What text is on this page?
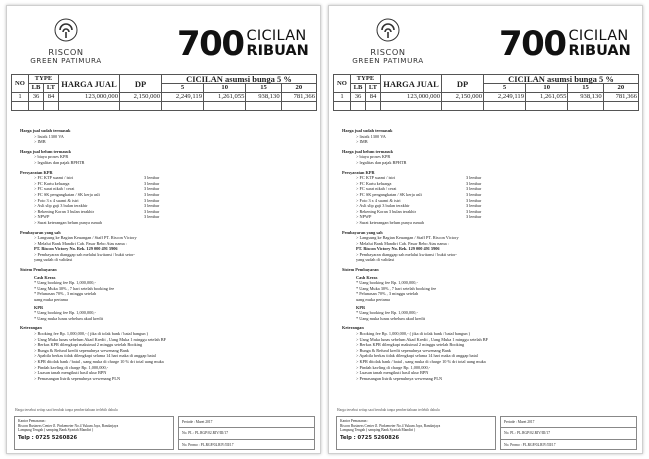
RISCON
GREEN PATIMURA 700 CICILAN
RIBUAN
NO	TYPE		HARGA JUAL	DP	CICILAN asumsi bunga 5 %			
	LB	LT			5	10	15	20
1	36	84	123,000,000	2,150,000	2,249,119	1,261,055	938,130	781,366

Harga jual sudah termasuk
> listrik 1300 VA
> IMB
Harga jual belum termasuk
> biaya proses KPR
> legalitas dan pajak BPHTB
Persyaratan KPR
> FC KTP suami / istri	3 lembar
> FC Kartu keluarga	3 lembar
> FC surat nikah / cerai	3 lembar
> FC SK pengangkatan / SK kerja asli	3 lembar
> Foto 3 x 4 suami & istri	3 lembar
> Asli slip gaji 3 bulan terakhir	3 lembar
> Rekening Koran 3 bulan terakhir	3 lembar
> NPWP	3 lembar
> Surat keterangan belum punya rumah
Pembayaran yang sah
> Langsung ke Bagian Keuangan / Staff PT. Riscon Victory
> Melalui Bank Mandiri Cab. Pasar Rebo Atas nama :
PT. Riscon Victory No. Rek. 129 000 491 5906
> Pembayaran dianggap sah melalui kwitansi / bukti setor-
yang sudah di validasi
Sistem Pembayaran
Cash Keras
* Uang booking fee Rp. 1,000,000,-
* Uang Muka 30% , 7 hari setelah booking fee
* Pelunasan 70% , 3 minggu setelah
uang muka pertama
KPR
* Uang booking fee Rp. 1,000,000,-
* Uang muka lunas sebelum akad kredit
Keterangan
> Booking fee Rp. 1,000,000,- ( jika di tolak bank / batal bangun )
> Uang Muka lunas sebelum Akad Kredit , Uang Muka 1 minggu setelah BF
> Berkas KPR dilengkapi maksimal 2 minggu setelah Booking
> Bunga & Refund kredit sepenuhnya wewenang Bank
> Apabila berkas tidak dilengkapi selama 14 hari maka di anggap batal
> KPR ditolak bank / batal , uang muka di charge 10 % dri total uang muka
> Pindah kavling di charge Rp. 1,000,000,-
> Luasan tanah mengikuti hasil ukur BPN
> Pemasangan listrik sepenuhnya wewenang PLN
Harga tersebut setiap saat berubah tanpa pemberitahuan terlebih dahulu
Kantor Pemasaran :
Riscon Business Center Jl. Pinkemeter No.4 Yukum Jaya, Bandarjaya
Lampung Tengah ( samping Bank Syariah Mandiri )
Telp : 0725 5260826
Periode : Maret 2017
No. PL : PL.RGP/02.RIV/III/17
No. Promo : PL.RGP/02.RIV/III/17
RISCON
GREEN PATIMURA 700 CICILAN
RIBUAN
NO	TYPE		HARGA JUAL	DP	CICILAN asumsi bunga 5 %			
	LB	LT			5	10	15	20
1	36	84	123,000,000	2,150,000	2,249,119	1,261,055	938,130	781,366

Harga jual sudah termasuk
> listrik 1300 VA
> IMB
Harga jual belum termasuk
> biaya proses KPR
> legalitas dan pajak BPHTB
Persyaratan KPR
> FC KTP suami / istri	3 lembar
> FC Kartu keluarga	3 lembar
> FC surat nikah / cerai	3 lembar
> FC SK pengangkatan / SK kerja asli	3 lembar
> Foto 3 x 4 suami & istri	3 lembar
> Asli slip gaji 3 bulan terakhir	3 lembar
> Rekening Koran 3 bulan terakhir	3 lembar
> NPWP	3 lembar
> Surat keterangan belum punya rumah
Pembayaran yang sah
> Langsung ke Bagian Keuangan / Staff PT. Riscon Victory
> Melalui Bank Mandiri Cab. Pasar Rebo Atas nama :
PT. Riscon Victory No. Rek. 129 000 491 5906
> Pembayaran dianggap sah melalui kwitansi / bukti setor-
yang sudah di validasi
Sistem Pembayaran
Cash Keras
* Uang booking fee Rp. 1,000,000,-
* Uang Muka 30% , 7 hari setelah booking fee
* Pelunasan 70% , 3 minggu setelah
uang muka pertama
KPR
* Uang booking fee Rp. 1,000,000,-
* Uang muka lunas sebelum akad kredit
Keterangan
> Booking fee Rp. 1,000,000,- ( jika di tolak bank / batal bangun )
> Uang Muka lunas sebelum Akad Kredit , Uang Muka 1 minggu setelah BF
> Berkas KPR dilengkapi maksimal 2 minggu setelah Booking
> Bunga & Refund kredit sepenuhnya wewenang Bank
> Apabila berkas tidak dilengkapi selama 14 hari maka di anggap batal
> KPR ditolak bank / batal , uang muka di charge 10 % dri total uang muka
> Pindah kavling di charge Rp. 1,000,000,-
> Luasan tanah mengikuti hasil ukur BPN
> Pemasangan listrik sepenuhnya wewenang PLN
Harga tersebut setiap saat berubah tanpa pemberitahuan terlebih dahulu
Kantor Pemasaran :
Riscon Business Center Jl. Pinkemeter No.4 Yukum Jaya, Bandarjaya
Lampung Tengah ( samping Bank Syariah Mandiri )
Telp : 0725 5260826
Periode : Maret 2017
No. PL : PL.RGP/02.RIV/III/17
No. Promo : PL.RGP/02.RIV/III/17
